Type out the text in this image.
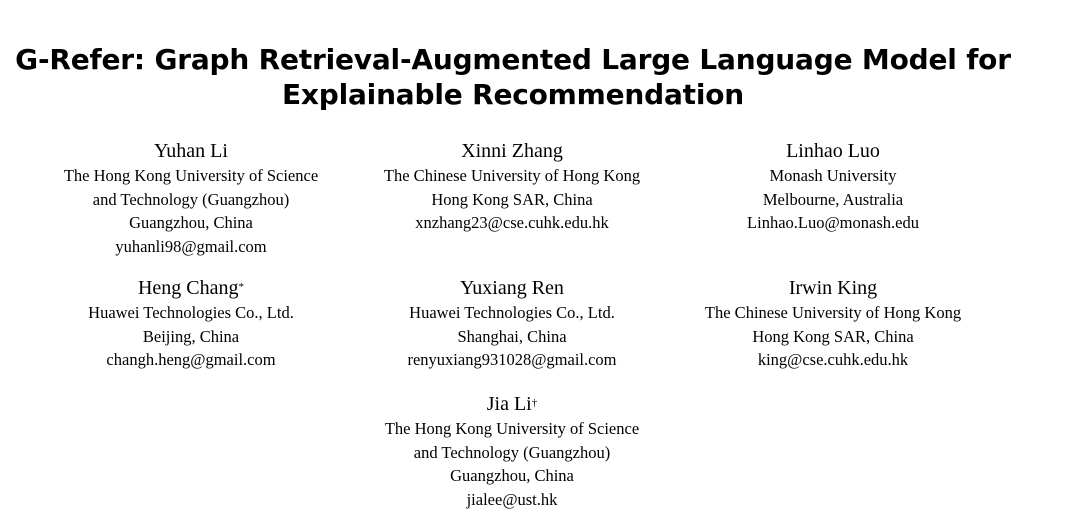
G-Refer: Graph Retrieval-Augmented Large Language Model for
Explainable Recommendation
Yuhan Li
The Hong Kong University of Science
and Technology (Guangzhou)
Guangzhou, China
yuhanli98@gmail.com
Xinni Zhang
The Chinese University of Hong Kong
Hong Kong SAR, China
xnzhang23@cse.cuhk.edu.hk
Linhao Luo
Monash University
Melbourne, Australia
Linhao.Luo@monash.edu
Heng Chang*
Huawei Technologies Co., Ltd.
Beijing, China
changh.heng@gmail.com
Yuxiang Ren
Huawei Technologies Co., Ltd.
Shanghai, China
renyuxiang931028@gmail.com
Irwin King
The Chinese University of Hong Kong
Hong Kong SAR, China
king@cse.cuhk.edu.hk
Jia Li†
The Hong Kong University of Science
and Technology (Guangzhou)
Guangzhou, China
jialee@ust.hk
